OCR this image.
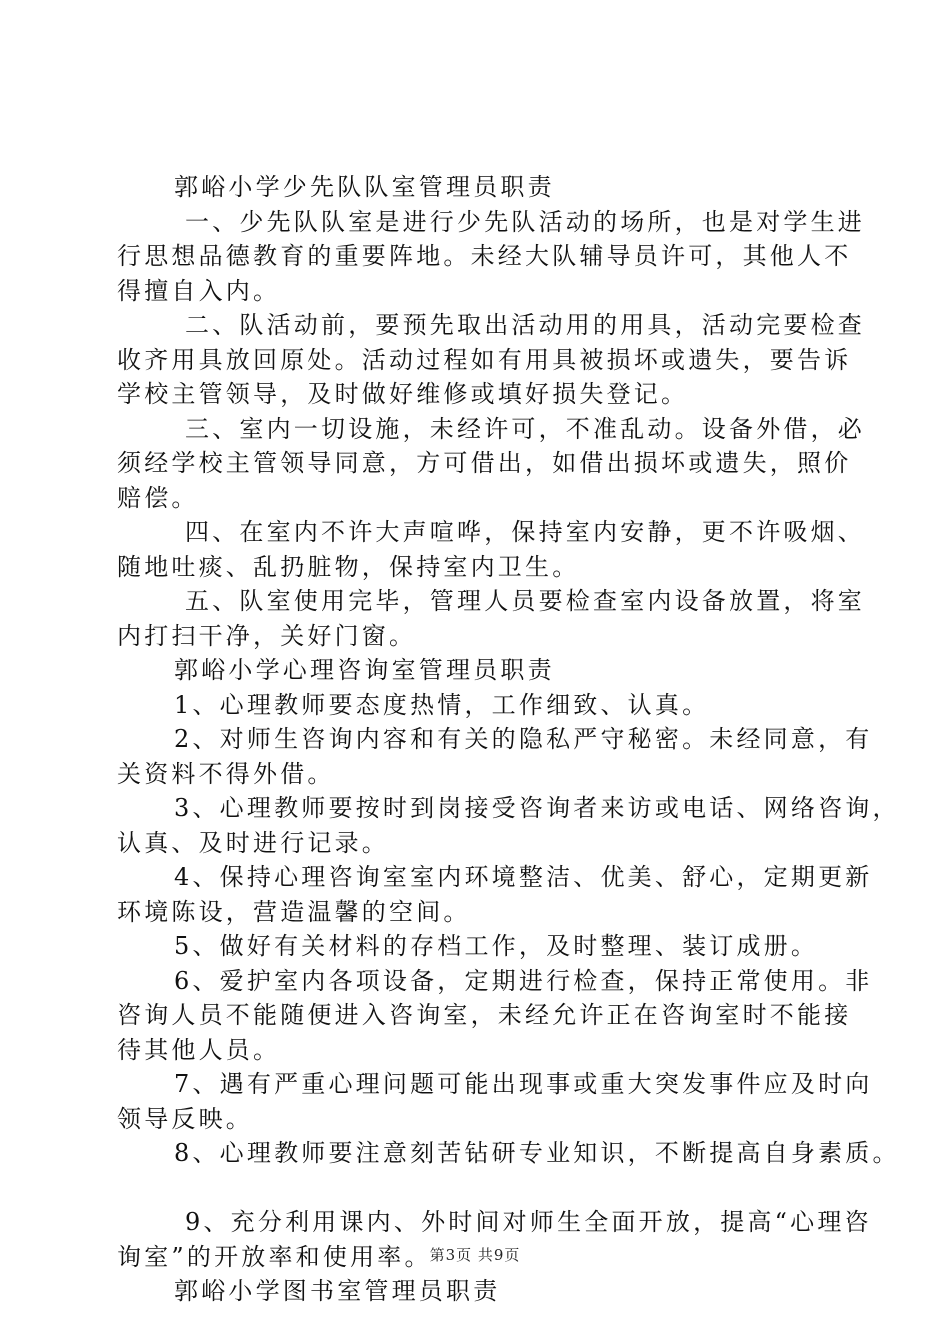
郭峪小学少先队队室管理员职责
一、少先队队室是进行少先队活动的场所，也是对学生进
行思想品德教育的重要阵地。未经大队辅导员许可，其他人不
得擅自入内。
二、队活动前，要预先取出活动用的用具，活动完要检查
收齐用具放回原处。活动过程如有用具被损坏或遗失，要告诉
学校主管领导，及时做好维修或填好损失登记。
三、室内一切设施，未经许可，不准乱动。设备外借，必
须经学校主管领导同意，方可借出，如借出损坏或遗失，照价
赔偿。
四、在室内不许大声喧哗，保持室内安静，更不许吸烟、
随地吐痰、乱扔脏物，保持室内卫生。
五、队室使用完毕，管理人员要检查室内设备放置，将室
内打扫干净，关好门窗。
郭峪小学心理咨询室管理员职责
1、心理教师要态度热情，工作细致、认真。
2、对师生咨询内容和有关的隐私严守秘密。未经同意，有
关资料不得外借。
3、心理教师要按时到岗接受咨询者来访或电话、网络咨询，
认真、及时进行记录。
4、保持心理咨询室室内环境整洁、优美、舒心，定期更新
环境陈设，营造温馨的空间。
5、做好有关材料的存档工作，及时整理、装订成册。
6、爱护室内各项设备，定期进行检查，保持正常使用。非
咨询人员不能随便进入咨询室，未经允许正在咨询室时不能接
待其他人员。
7、遇有严重心理问题可能出现事或重大突发事件应及时向
领导反映。
8、心理教师要注意刻苦钻研专业知识，不断提高自身素质。
9、充分利用课内、外时间对师生全面开放，提高“心理咨
询室”的开放率和使用率。
郭峪小学图书室管理员职责
第3页 共9页
